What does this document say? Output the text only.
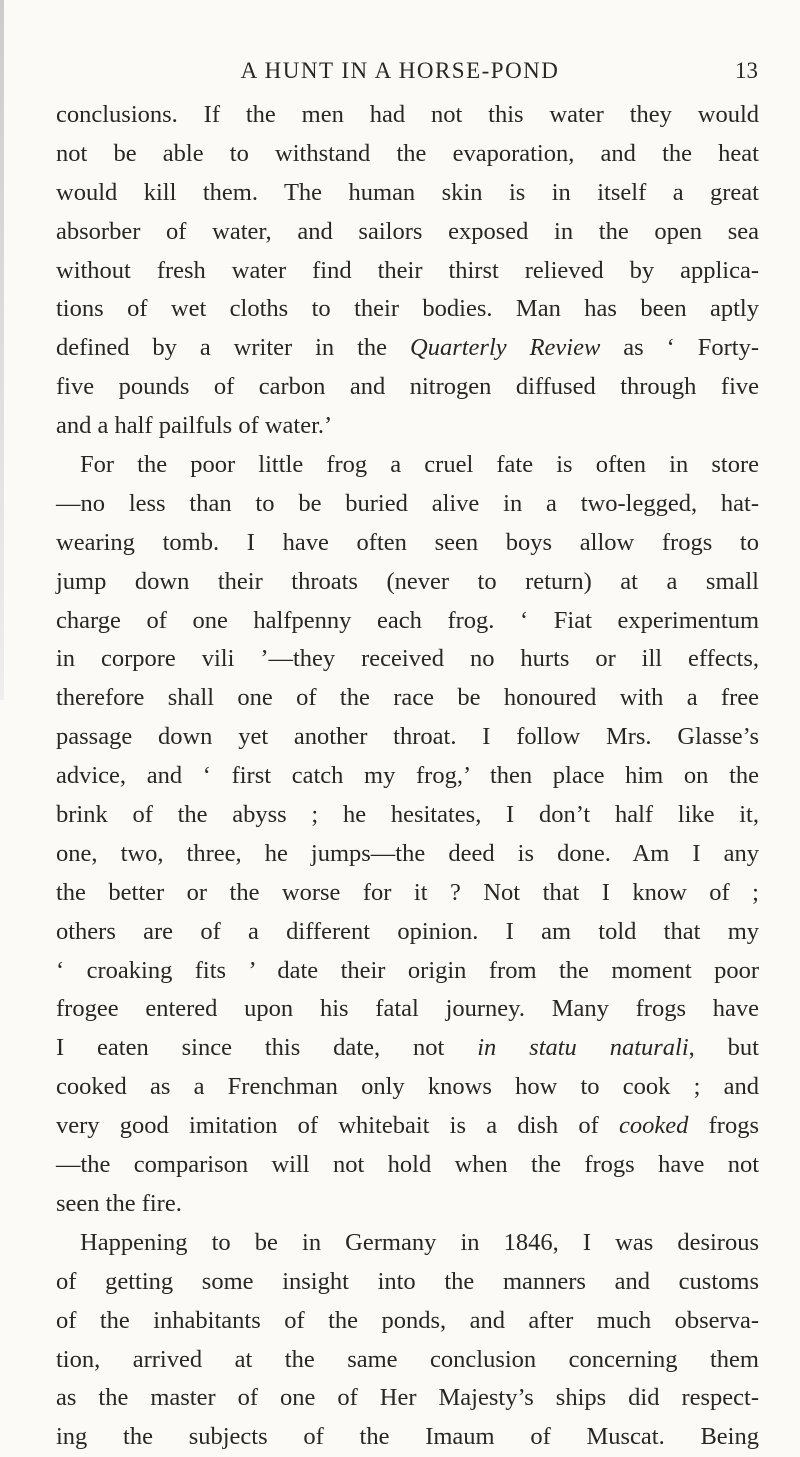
A HUNT IN A HORSE-POND	13
conclusions. If the men had not this water they would
not be able to withstand the evaporation, and the heat
would kill them. The human skin is in itself a great
absorber of water, and sailors exposed in the open sea
without fresh water find their thirst relieved by applica-
tions of wet cloths to their bodies. Man has been aptly
defined by a writer in the Quarterly Review as ‘ Forty-
five pounds of carbon and nitrogen diffused through five
and a half pailfuls of water.’
For the poor little frog a cruel fate is often in store
—no less than to be buried alive in a two-legged, hat-
wearing tomb. I have often seen boys allow frogs to
jump down their throats (never to return) at a small
charge of one halfpenny each frog. ‘ Fiat experimentum
in corpore vili ’—they received no hurts or ill effects,
therefore shall one of the race be honoured with a free
passage down yet another throat. I follow Mrs. Glasse’s
advice, and ‘ first catch my frog,’ then place him on the
brink of the abyss ; he hesitates, I don’t half like it,
one, two, three, he jumps—the deed is done. Am I any
the better or the worse for it ? Not that I know of ;
others are of a different opinion. I am told that my
‘ croaking fits ’ date their origin from the moment poor
frogee entered upon his fatal journey. Many frogs have
I eaten since this date, not in statu naturali, but
cooked as a Frenchman only knows how to cook ; and
very good imitation of whitebait is a dish of cooked frogs
—the comparison will not hold when the frogs have not
seen the fire.
Happening to be in Germany in 1846, I was desirous
of getting some insight into the manners and customs
of the inhabitants of the ponds, and after much observa-
tion, arrived at the same conclusion concerning them
as the master of one of Her Majesty’s ships did respect-
ing the subjects of the Imaum of Muscat. Being
